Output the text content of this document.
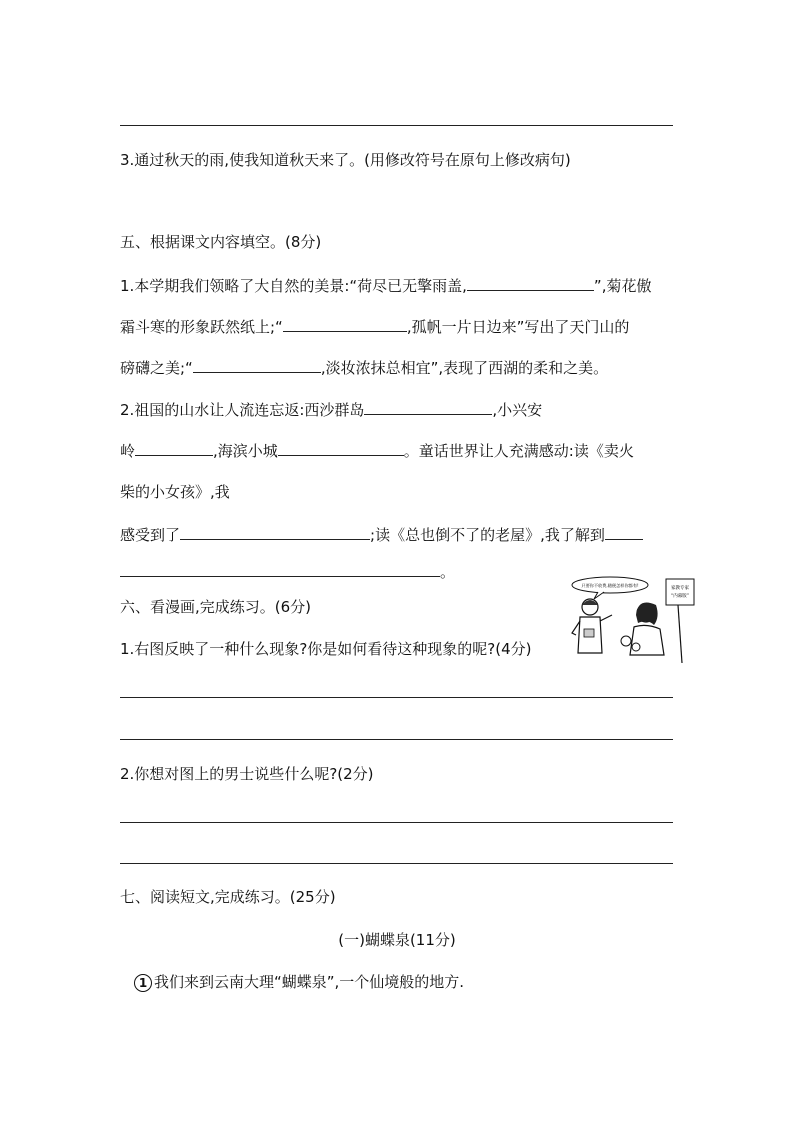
3.通过秋天的雨,使我知道秋天来了。(用修改符号在原句上修改病句)
五、根据课文内容填空。(8分)
1.本学期我们领略了大自然的美景:“荷尽已无擎雨盖,	”,菊花傲
霜斗寒的形象跃然纸上;“	,孤帆一片日边来”写出了天门山的
磅礴之美;“	,淡妆浓抹总相宜”,表现了西湖的柔和之美。
2.祖国的山水让人流连忘返:西沙群岛	,小兴安
岭	,海滨小城	。童话世界让人充满感动:读《卖火
柴的小女孩》,我
感受到了	;读《总也倒不了的老屋》,我了解到
。
六、看漫画,完成练习。(6分)
1.右图反映了一种什么现象?你是如何看待这种现象的呢?(4分)
只要你不收费,随便怎样你都有!
家教专家
“内幕版”
2.你想对图上的男士说些什么呢?(2分)
七、阅读短文,完成练习。(25分)
(一)蝴蝶泉(11分)
1 我们来到云南大理“蝴蝶泉”,一个仙境般的地方.
